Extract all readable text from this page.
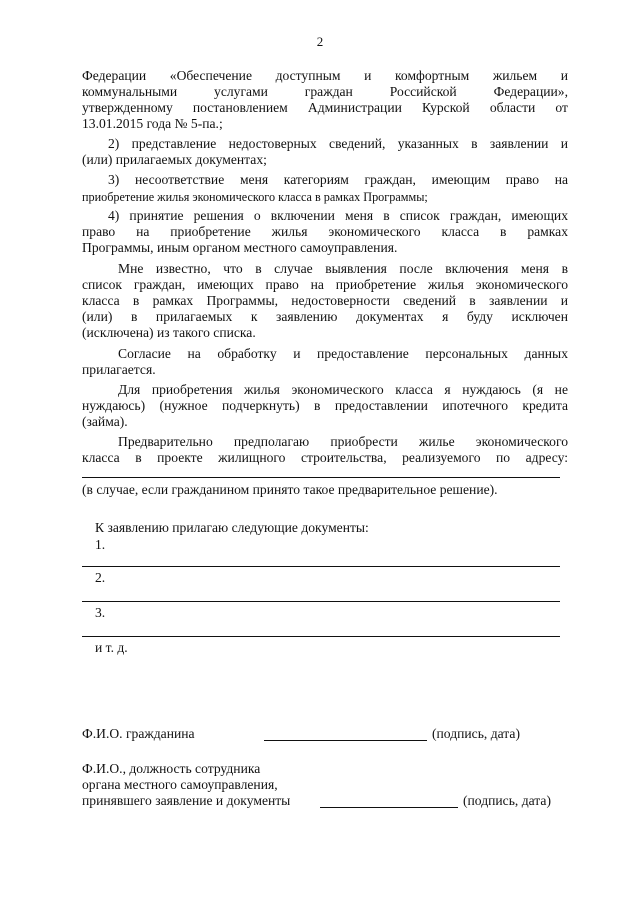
2
Федерации «Обеспечение доступным и комфортным жильем и
коммунальными услугами граждан Российской Федерации»,
утвержденному постановлением Администрации Курской области от
13.01.2015 года № 5-па.;
2) представление недостоверных сведений, указанных в заявлении и
(или) прилагаемых документах;
3) несоответствие меня категориям граждан, имеющим право на
приобретение жилья экономического класса в рамках Программы;
4) принятие решения о включении меня в список граждан, имеющих
право на приобретение жилья экономического класса в рамках
Программы, иным органом местного самоуправления.
Мне известно, что в случае выявления после включения меня в
список граждан, имеющих право на приобретение жилья экономического
класса в рамках Программы, недостоверности сведений в заявлении и
(или) в прилагаемых к заявлению документах я буду исключен
(исключена) из такого списка.
Согласие на обработку и предоставление персональных данных
прилагается.
Для приобретения жилья экономического класса я нуждаюсь (я не
нуждаюсь) (нужное подчеркнуть) в предоставлении ипотечного кредита
(займа).
Предварительно предполагаю приобрести жилье экономического
класса в проекте жилищного строительства, реализуемого по адресу:
(в случае, если гражданином принято такое предварительное решение).
К заявлению прилагаю следующие документы:
1.
2.
3.
и т. д.
Ф.И.О. гражданина	(подпись, дата)
Ф.И.О., должность сотрудника
органа местного самоуправления,
принявшего заявление и документы	(подпись, дата)
